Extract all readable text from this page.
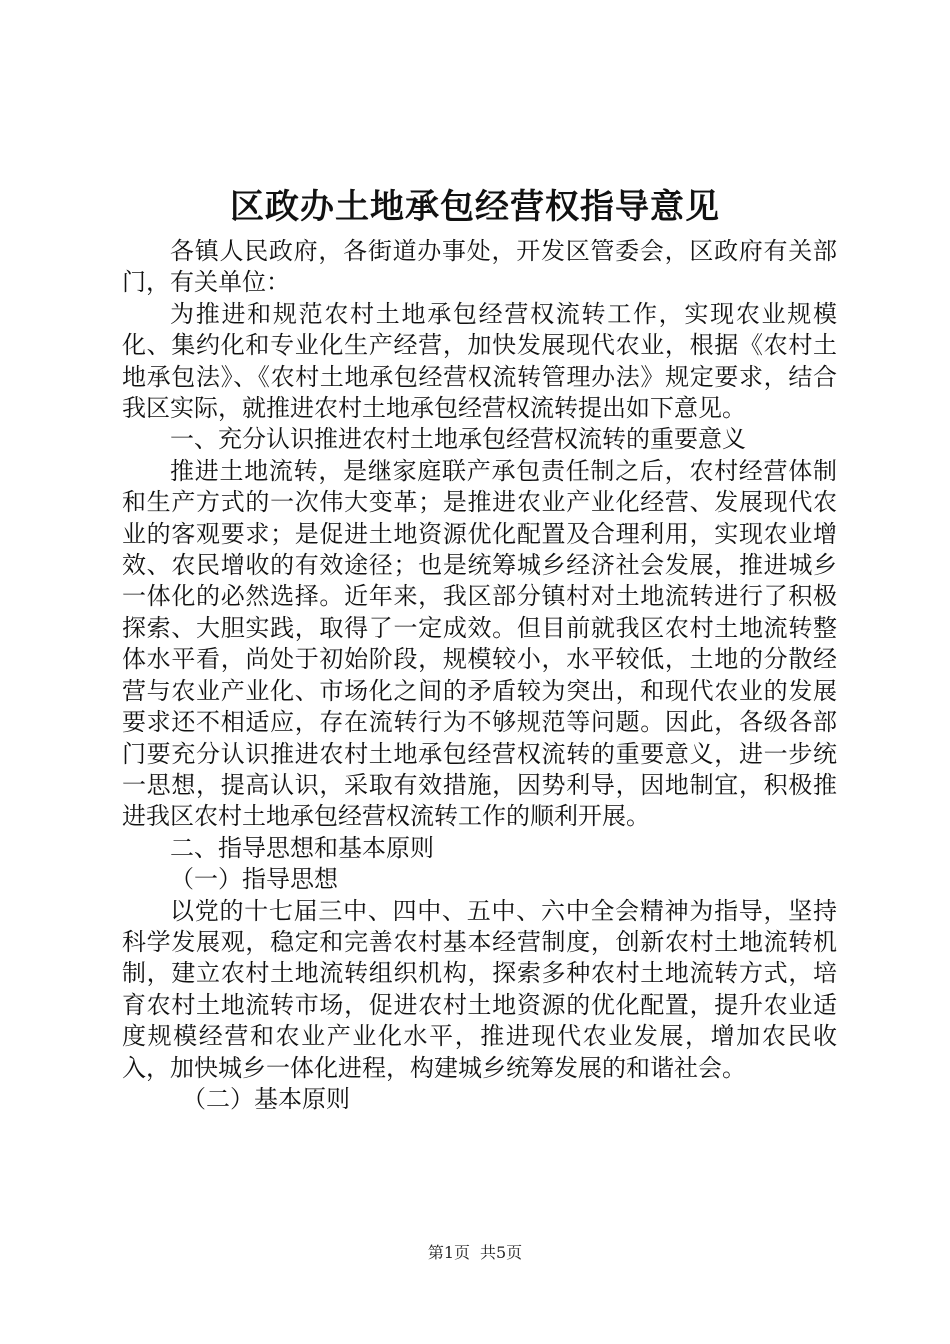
区政办土地承包经营权指导意见

各镇人民政府，各街道办事处，开发区管委会，区政府有关部门，有关单位：

为推进和规范农村土地承包经营权流转工作，实现农业规模化、集约化和专业化生产经营，加快发展现代农业，根据《农村土地承包法》、《农村土地承包经营权流转管理办法》规定要求，结合我区实际，就推进农村土地承包经营权流转提出如下意见。

一、充分认识推进农村土地承包经营权流转的重要意义

推进土地流转，是继家庭联产承包责任制之后，农村经营体制和生产方式的一次伟大变革；是推进农业产业化经营、发展现代农业的客观要求；是促进土地资源优化配置及合理利用，实现农业增效、农民增收的有效途径；也是统筹城乡经济社会发展，推进城乡一体化的必然选择。近年来，我区部分镇村对土地流转进行了积极探索、大胆实践，取得了一定成效。但目前就我区农村土地流转整体水平看，尚处于初始阶段，规模较小，水平较低，土地的分散经营与农业产业化、市场化之间的矛盾较为突出，和现代农业的发展要求还不相适应，存在流转行为不够规范等问题。因此，各级各部门要充分认识推进农村土地承包经营权流转的重要意义，进一步统一思想，提高认识，采取有效措施，因势利导，因地制宜，积极推进我区农村土地承包经营权流转工作的顺利开展。

二、指导思想和基本原则

（一）指导思想

以党的十七届三中、四中、五中、六中全会精神为指导，坚持科学发展观，稳定和完善农村基本经营制度，创新农村土地流转机制，建立农村土地流转组织机构，探索多种农村土地流转方式，培育农村土地流转市场，促进农村土地资源的优化配置，提升农业适度规模经营和农业产业化水平，推进现代农业发展，增加农民收入，加快城乡一体化进程，构建城乡统筹发展的和谐社会。

（二）基本原则

第1页 共5页
